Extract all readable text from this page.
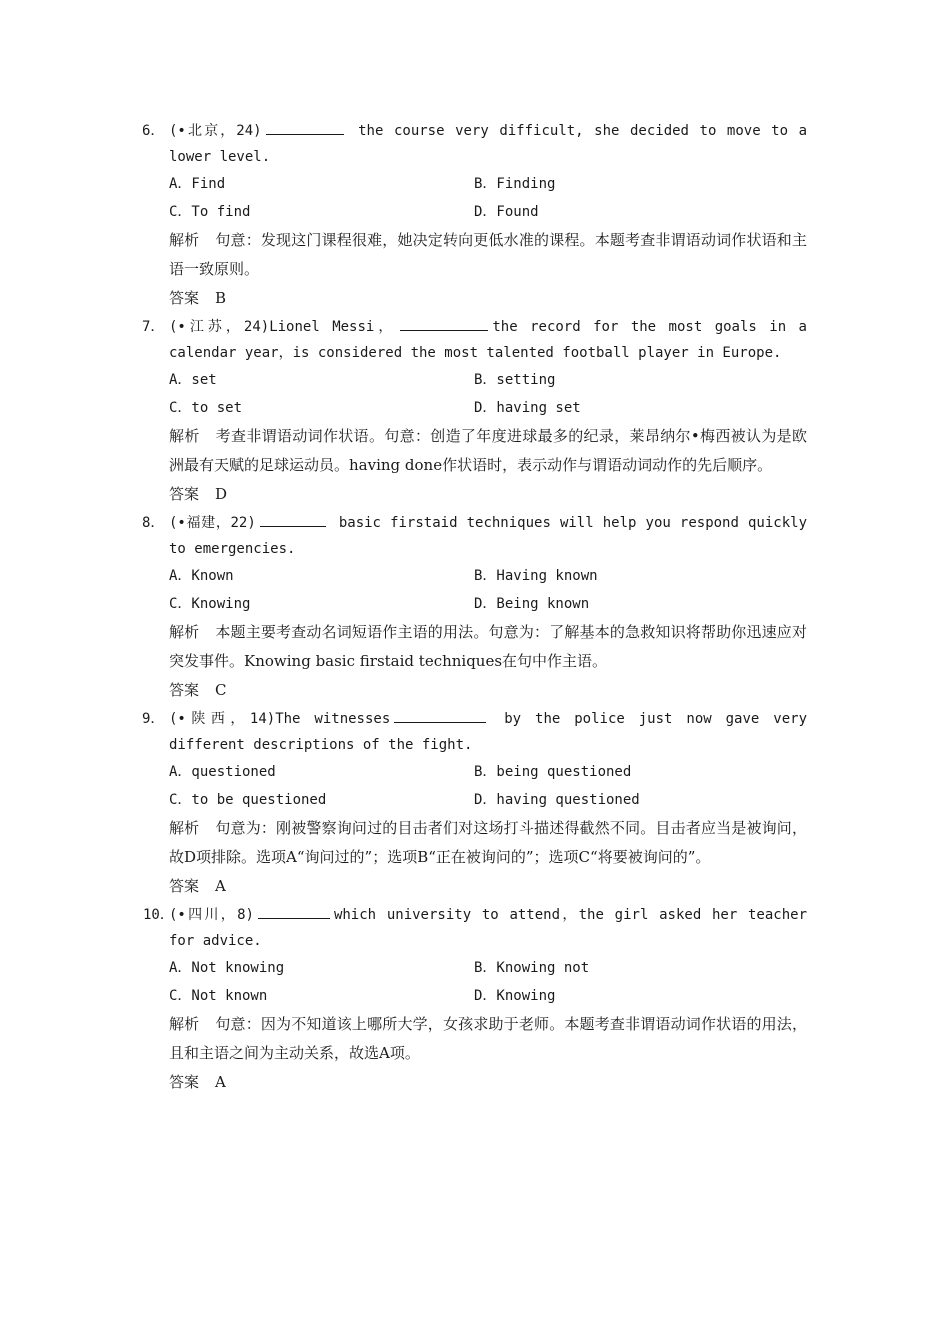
6． (•北京，24)	the course very difficult, she decided to move to a lower level.
A．Find	B．Finding
C．To find	D．Found
解析 句意：发现这门课程很难，她决定转向更低水准的课程。本题考查非谓语动词作状语和主语一致原则。
答案 B
7． (•江苏，24)Lionel Messi，	the record for the most goals in a calendar year，is considered the most talented football player in Europe.
A．set	B．setting
C．to set	D．having set
解析 考查非谓语动词作状语。句意：创造了年度进球最多的纪录，莱昂纳尔•梅西被认为是欧洲最有天赋的足球运动员。having done作状语时，表示动作与谓语动词动作的先后顺序。
答案 D
8． (•福建，22)	basic firstaid techniques will help you respond quickly to emergencies.
A．Known	B．Having known
C．Knowing	D．Being known
解析 本题主要考查动名词短语作主语的用法。句意为：了解基本的急救知识将帮助你迅速应对突发事件。Knowing basic firstaid techniques在句中作主语。
答案 C
9． (•陕西，14)The witnesses	by the police just now gave very different descriptions of the fight.
A．questioned	B．being questioned
C．to be questioned	D．having questioned
解析 句意为：刚被警察询问过的目击者们对这场打斗描述得截然不同。目击者应当是被询问，故D项排除。选项A“询问过的”；选项B“正在被询问的”；选项C“将要被询问的”。
答案 A
10．
(•四川，8)	which university to attend，the girl asked her teacher for advice.
A．Not knowing	B．Knowing not
C．Not known	D．Knowing
解析 句意：因为不知道该上哪所大学，女孩求助于老师。本题考查非谓语动词作状语的用法，且和主语之间为主动关系，故选A项。
答案 A
